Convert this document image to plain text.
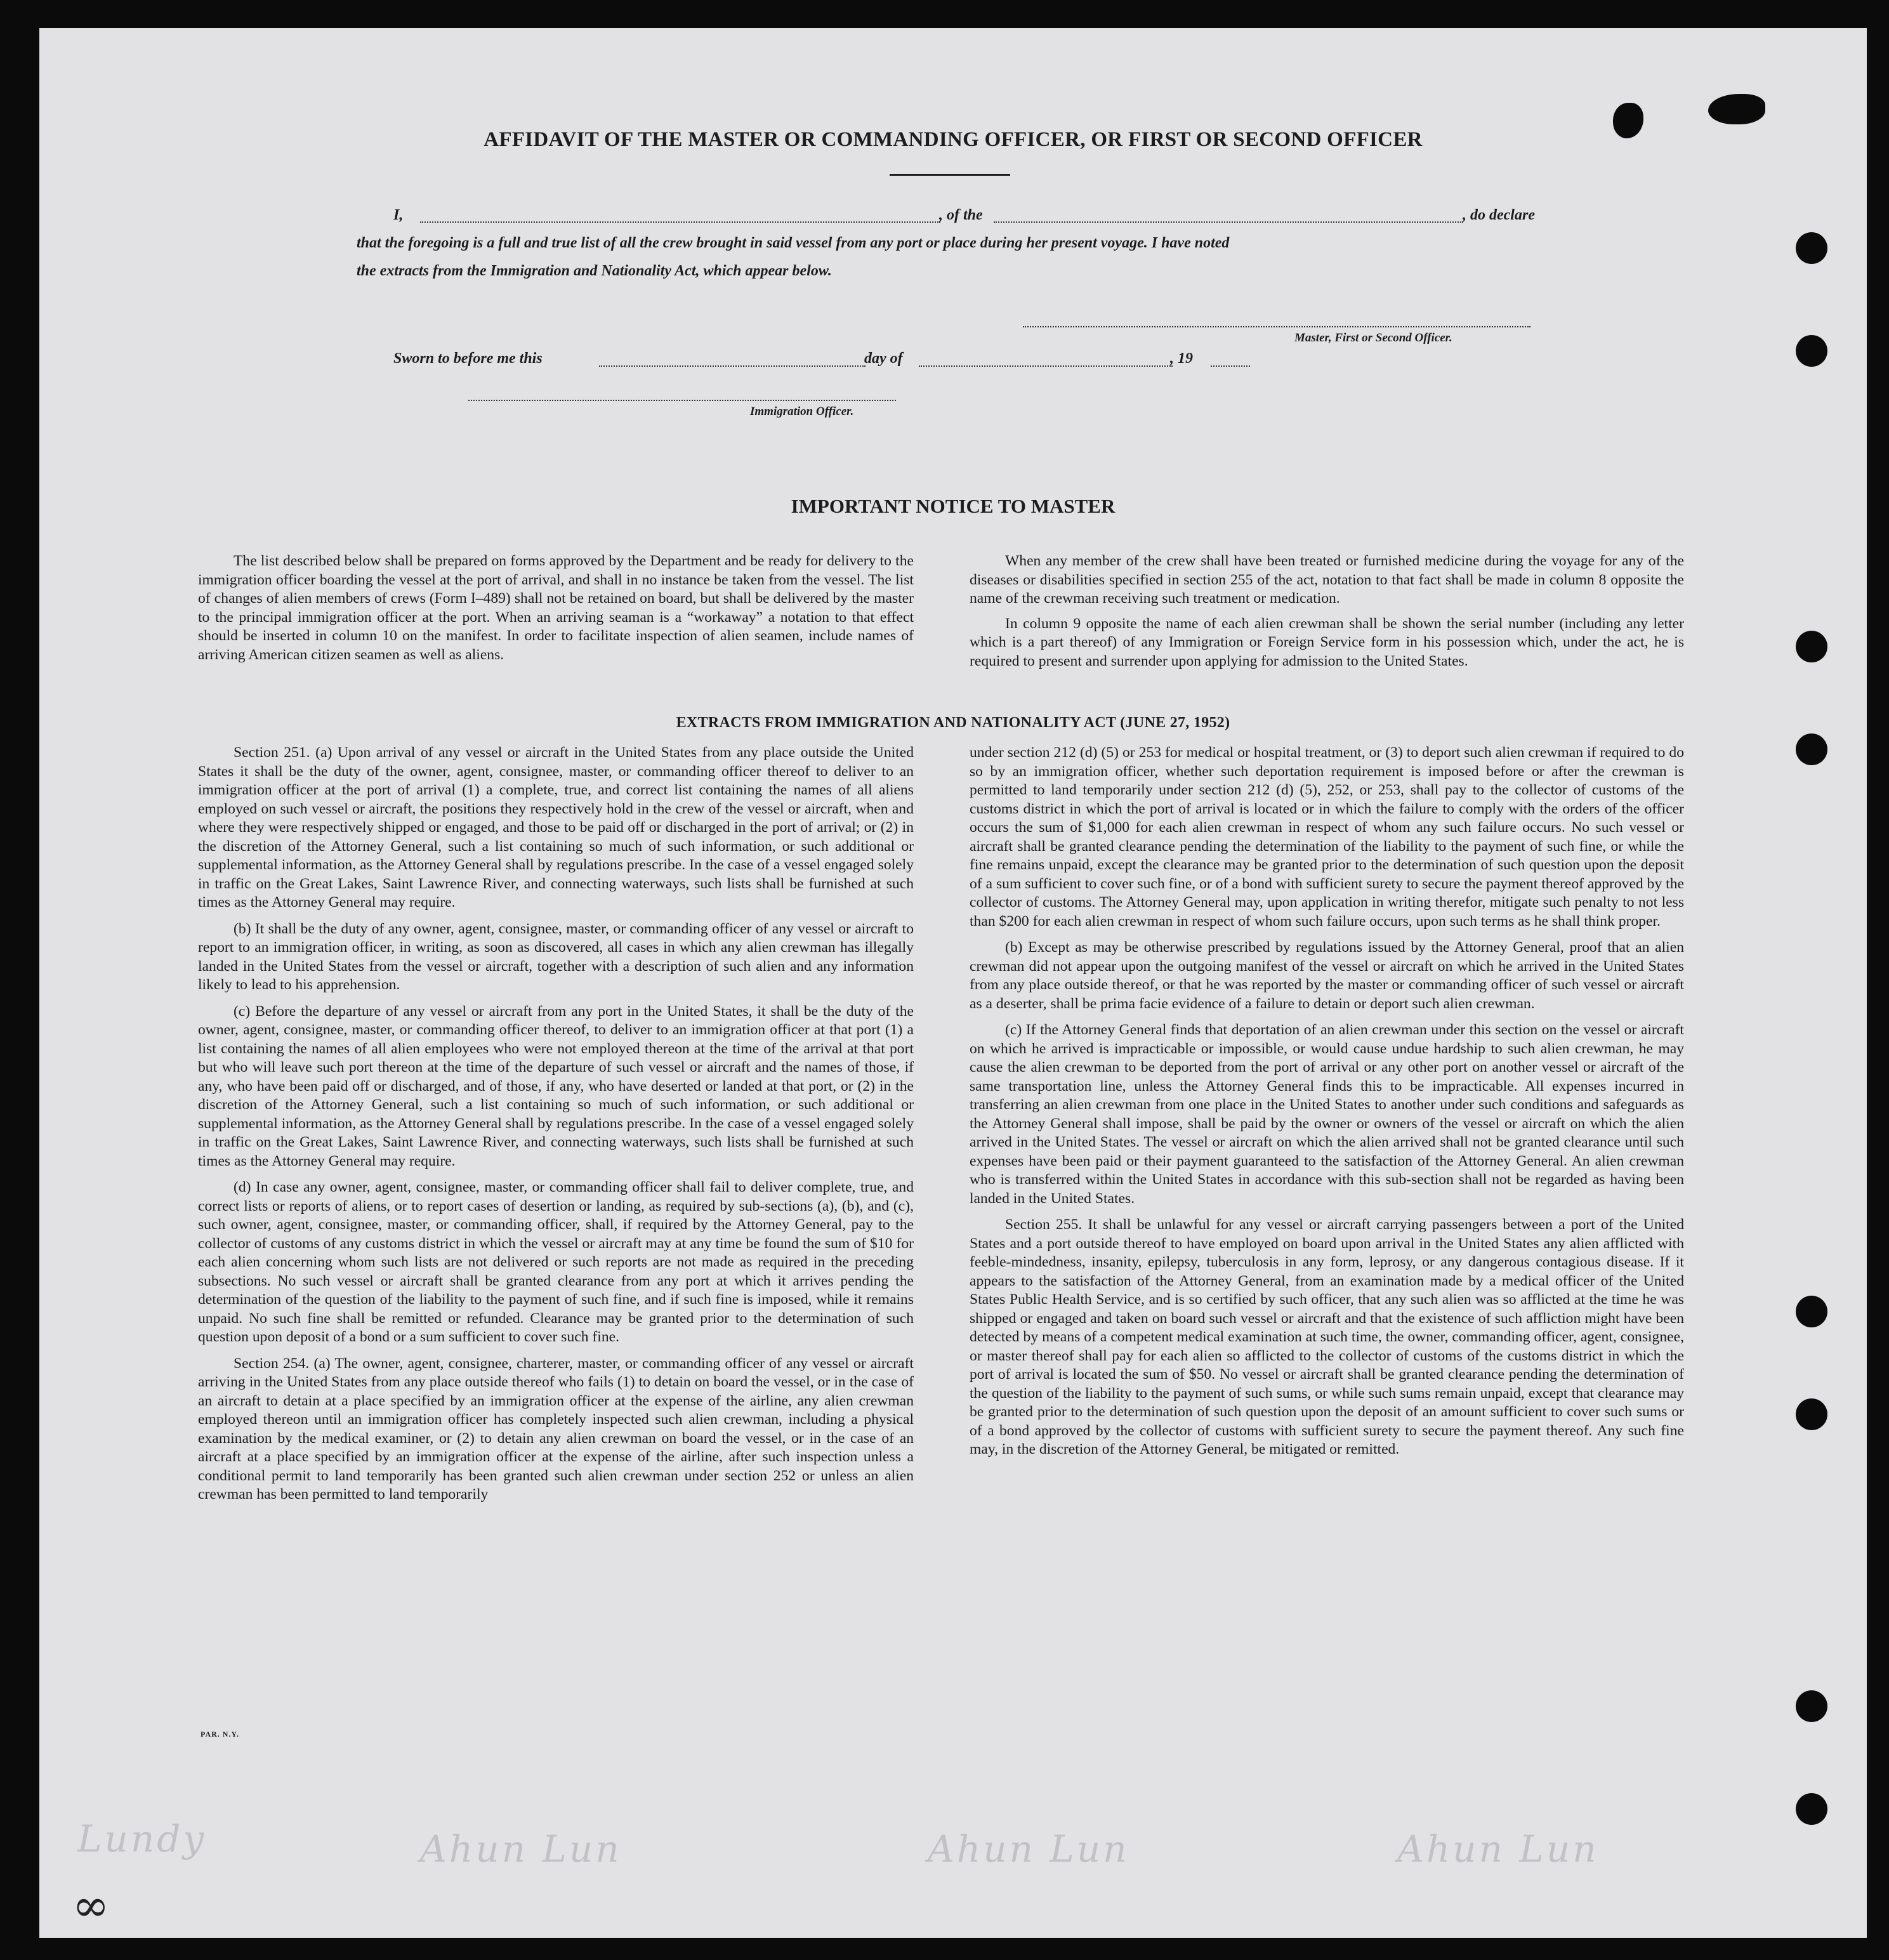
AFFIDAVIT OF THE MASTER OR COMMANDING OFFICER, OR FIRST OR SECOND OFFICER
I,	, of the	, do declare
that the foregoing is a full and true list of all the crew brought in said vessel from any port or place during her present voyage. I have noted
the extracts from the Immigration and Nationality Act, which appear below.
Master, First or Second Officer.
Sworn to before me this	day of	, 19
Immigration Officer.
IMPORTANT NOTICE TO MASTER

The list described below shall be prepared on forms approved by the Department and be ready for delivery to the immigration officer boarding the vessel at the port of arrival, and shall in no instance be taken from the vessel. The list of changes of alien members of crews (Form I–489) shall not be retained on board, but shall be delivered by the master to the principal immigration officer at the port. When an arriving seaman is a “workaway” a notation to that effect should be inserted in column 10 on the manifest. In order to facilitate inspection of alien seamen, include names of arriving American citizen seamen as well as aliens.

When any member of the crew shall have been treated or furnished medicine during the voyage for any of the diseases or disabilities specified in section 255 of the act, notation to that fact shall be made in column 8 opposite the name of the crewman receiving such treatment or medication.

In column 9 opposite the name of each alien crewman shall be shown the serial number (including any letter which is a part thereof) of any Immigration or Foreign Service form in his possession which, under the act, he is required to present and surrender upon applying for admission to the United States.

EXTRACTS FROM IMMIGRATION AND NATIONALITY ACT (JUNE 27, 1952)

Section 251. (a) Upon arrival of any vessel or aircraft in the United States from any place outside the United States it shall be the duty of the owner, agent, consignee, master, or commanding officer thereof to deliver to an immigration officer at the port of arrival (1) a complete, true, and correct list containing the names of all aliens employed on such vessel or aircraft, the positions they respectively hold in the crew of the vessel or aircraft, when and where they were respectively shipped or engaged, and those to be paid off or discharged in the port of arrival; or (2) in the discretion of the Attorney General, such a list containing so much of such information, or such additional or supplemental information, as the Attorney General shall by regulations prescribe. In the case of a vessel engaged solely in traffic on the Great Lakes, Saint Lawrence River, and connecting waterways, such lists shall be furnished at such times as the Attorney General may require.

(b) It shall be the duty of any owner, agent, consignee, master, or commanding officer of any vessel or aircraft to report to an immigration officer, in writing, as soon as discovered, all cases in which any alien crewman has illegally landed in the United States from the vessel or aircraft, together with a description of such alien and any information likely to lead to his apprehension.

(c) Before the departure of any vessel or aircraft from any port in the United States, it shall be the duty of the owner, agent, consignee, master, or commanding officer thereof, to deliver to an immigration officer at that port (1) a list containing the names of all alien employees who were not employed thereon at the time of the arrival at that port but who will leave such port thereon at the time of the departure of such vessel or aircraft and the names of those, if any, who have been paid off or discharged, and of those, if any, who have deserted or landed at that port, or (2) in the discretion of the Attorney General, such a list containing so much of such information, or such additional or supplemental information, as the Attorney General shall by regulations prescribe. In the case of a vessel engaged solely in traffic on the Great Lakes, Saint Lawrence River, and connecting waterways, such lists shall be furnished at such times as the Attorney General may require.

(d) In case any owner, agent, consignee, master, or commanding officer shall fail to deliver complete, true, and correct lists or reports of aliens, or to report cases of desertion or landing, as required by sub-sections (a), (b), and (c), such owner, agent, consignee, master, or commanding officer, shall, if required by the Attorney General, pay to the collector of customs of any customs district in which the vessel or aircraft may at any time be found the sum of $10 for each alien concerning whom such lists are not delivered or such reports are not made as required in the preceding subsections. No such vessel or aircraft shall be granted clearance from any port at which it arrives pending the determination of the question of the liability to the payment of such fine, and if such fine is imposed, while it remains unpaid. No such fine shall be remitted or refunded. Clearance may be granted prior to the determination of such question upon deposit of a bond or a sum sufficient to cover such fine.

Section 254. (a) The owner, agent, consignee, charterer, master, or commanding officer of any vessel or aircraft arriving in the United States from any place outside thereof who fails (1) to detain on board the vessel, or in the case of an aircraft to detain at a place specified by an immigration officer at the expense of the airline, any alien crewman employed thereon until an immigration officer has completely inspected such alien crewman, including a physical examination by the medical examiner, or (2) to detain any alien crewman on board the vessel, or in the case of an aircraft at a place specified by an immigration officer at the expense of the airline, after such inspection unless a conditional permit to land temporarily has been granted such alien crewman under section 252 or unless an alien crewman has been permitted to land temporarily

under section 212 (d) (5) or 253 for medical or hospital treatment, or (3) to deport such alien crewman if required to do so by an immigration officer, whether such deportation requirement is imposed before or after the crewman is permitted to land temporarily under section 212 (d) (5), 252, or 253, shall pay to the collector of customs of the customs district in which the port of arrival is located or in which the failure to comply with the orders of the officer occurs the sum of $1,000 for each alien crewman in respect of whom any such failure occurs. No such vessel or aircraft shall be granted clearance pending the determination of the liability to the payment of such fine, or while the fine remains unpaid, except the clearance may be granted prior to the determination of such question upon the deposit of a sum sufficient to cover such fine, or of a bond with sufficient surety to secure the payment thereof approved by the collector of customs. The Attorney General may, upon application in writing therefor, mitigate such penalty to not less than $200 for each alien crewman in respect of whom such failure occurs, upon such terms as he shall think proper.

(b) Except as may be otherwise prescribed by regulations issued by the Attorney General, proof that an alien crewman did not appear upon the outgoing manifest of the vessel or aircraft on which he arrived in the United States from any place outside thereof, or that he was reported by the master or commanding officer of such vessel or aircraft as a deserter, shall be prima facie evidence of a failure to detain or deport such alien crewman.

(c) If the Attorney General finds that deportation of an alien crewman under this section on the vessel or aircraft on which he arrived is impracticable or impossible, or would cause undue hardship to such alien crewman, he may cause the alien crewman to be deported from the port of arrival or any other port on another vessel or aircraft of the same transportation line, unless the Attorney General finds this to be impracticable. All expenses incurred in transferring an alien crewman from one place in the United States to another under such conditions and safeguards as the Attorney General shall impose, shall be paid by the owner or owners of the vessel or aircraft on which the alien arrived in the United States. The vessel or aircraft on which the alien arrived shall not be granted clearance until such expenses have been paid or their payment guaranteed to the satisfaction of the Attorney General. An alien crewman who is transferred within the United States in accordance with this sub-section shall not be regarded as having been landed in the United States.

Section 255. It shall be unlawful for any vessel or aircraft carrying passengers between a port of the United States and a port outside thereof to have employed on board upon arrival in the United States any alien afflicted with feeble-mindedness, insanity, epilepsy, tuberculosis in any form, leprosy, or any dangerous contagious disease. If it appears to the satisfaction of the Attorney General, from an examination made by a medical officer of the United States Public Health Service, and is so certified by such officer, that any such alien was so afflicted at the time he was shipped or engaged and taken on board such vessel or aircraft and that the existence of such affliction might have been detected by means of a competent medical examination at such time, the owner, commanding officer, agent, consignee, or master thereof shall pay for each alien so afflicted to the collector of customs of the customs district in which the port of arrival is located the sum of $50. No vessel or aircraft shall be granted clearance pending the determination of the question of the liability to the payment of such sums, or while such sums remain unpaid, except that clearance may be granted prior to the determination of such question upon the deposit of an amount sufficient to cover such sums or of a bond approved by the collector of customs with sufficient surety to secure the payment thereof. Any such fine may, in the discretion of the Attorney General, be mitigated or remitted.

PAR. N.Y.
Lundy	Ahun Lun	Ahun Lun	Ahun Lun
∞
